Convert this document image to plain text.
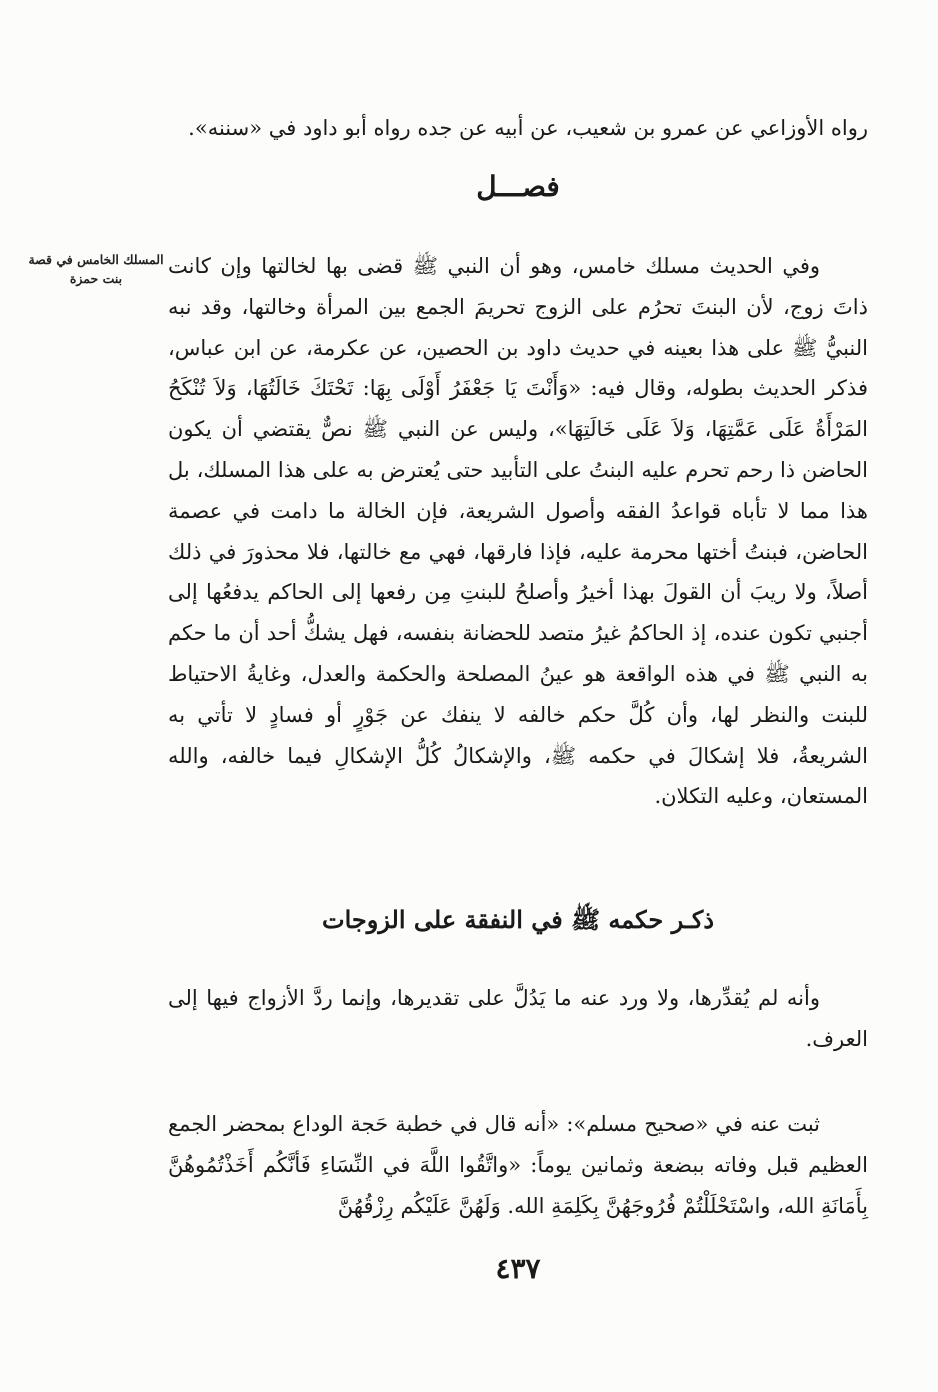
رواه الأوزاعي عن عمرو بن شعيب، عن أبيه عن جده رواه أبو داود في «سننه».

فصـــل
المسلك الخامس في قصة بنت حمزة

وفي الحديث مسلك خامس، وهو أن النبي ﷺ قضى بها لخالتها وإن كانت ذاتَ زوج، لأن البنتَ تحرُم على الزوج تحريمَ الجمع بين المرأة وخالتها، وقد نبه النبيُّ ﷺ على هذا بعينه في حديث داود بن الحصين، عن عكرمة، عن ابن عباس، فذكر الحديث بطوله، وقال فيه: «وَأَنْتَ يَا جَعْفَرُ أَوْلَى بِهَا: تَحْتَكَ خَالَتُهَا، وَلاَ تُنْكَحُ المَرْأَةُ عَلَى عَمَّتِهَا، وَلاَ عَلَى خَالَتِهَا»، وليس عن النبي ﷺ نصٌّ يقتضي أن يكون الحاضن ذا رحم تحرم عليه البنتُ على التأبيد حتى يُعترض به على هذا المسلك، بل هذا مما لا تأباه قواعدُ الفقه وأصول الشريعة، فإن الخالة ما دامت في عصمة الحاضن، فبنتُ أختها محرمة عليه، فإذا فارقها، فهي مع خالتها، فلا محذورَ في ذلك أصلاً، ولا ريبَ أن القولَ بهذا أخيرُ وأصلحُ للبنتِ مِن رفعها إلى الحاكم يدفعُها إلى أجنبي تكون عنده، إذ الحاكمُ غيرُ متصد للحضانة بنفسه، فهل يشكُّ أحد أن ما حكم به النبي ﷺ في هذه الواقعة هو عينُ المصلحة والحكمة والعدل، وغايةُ الاحتياط للبنت والنظر لها، وأن كُلَّ حكم خالفه لا ينفك عن جَوْرٍ أو فسادٍ لا تأتي به الشريعةُ، فلا إشكالَ في حكمه ﷺ، والإشكالُ كُلُّ الإشكالِ فيما خالفه، والله المستعان، وعليه التكلان.

ذكـر حكمه ﷺ في النفقة على الزوجات

وأنه لم يُقدِّرها، ولا ورد عنه ما يَدُلَّ على تقديرها، وإنما ردَّ الأزواج فيها إلى العرف.

ثبت عنه في «صحيح مسلم»: «أنه قال في خطبة حَجة الوداع بمحضر الجمع العظيم قبل وفاته ببضعة وثمانين يوماً: «واتَّقُوا اللَّهَ في النِّسَاءِ فَأنَّكُم أَخَذْتُمُوهُنَّ بِأَمَانَةِ الله، واسْتَحْلَلْتُمْ فُرُوجَهُنَّ بِكَلِمَةِ الله. وَلَهُنَّ عَلَيْكُم رِزْقُهُنَّ

٤٣٧
